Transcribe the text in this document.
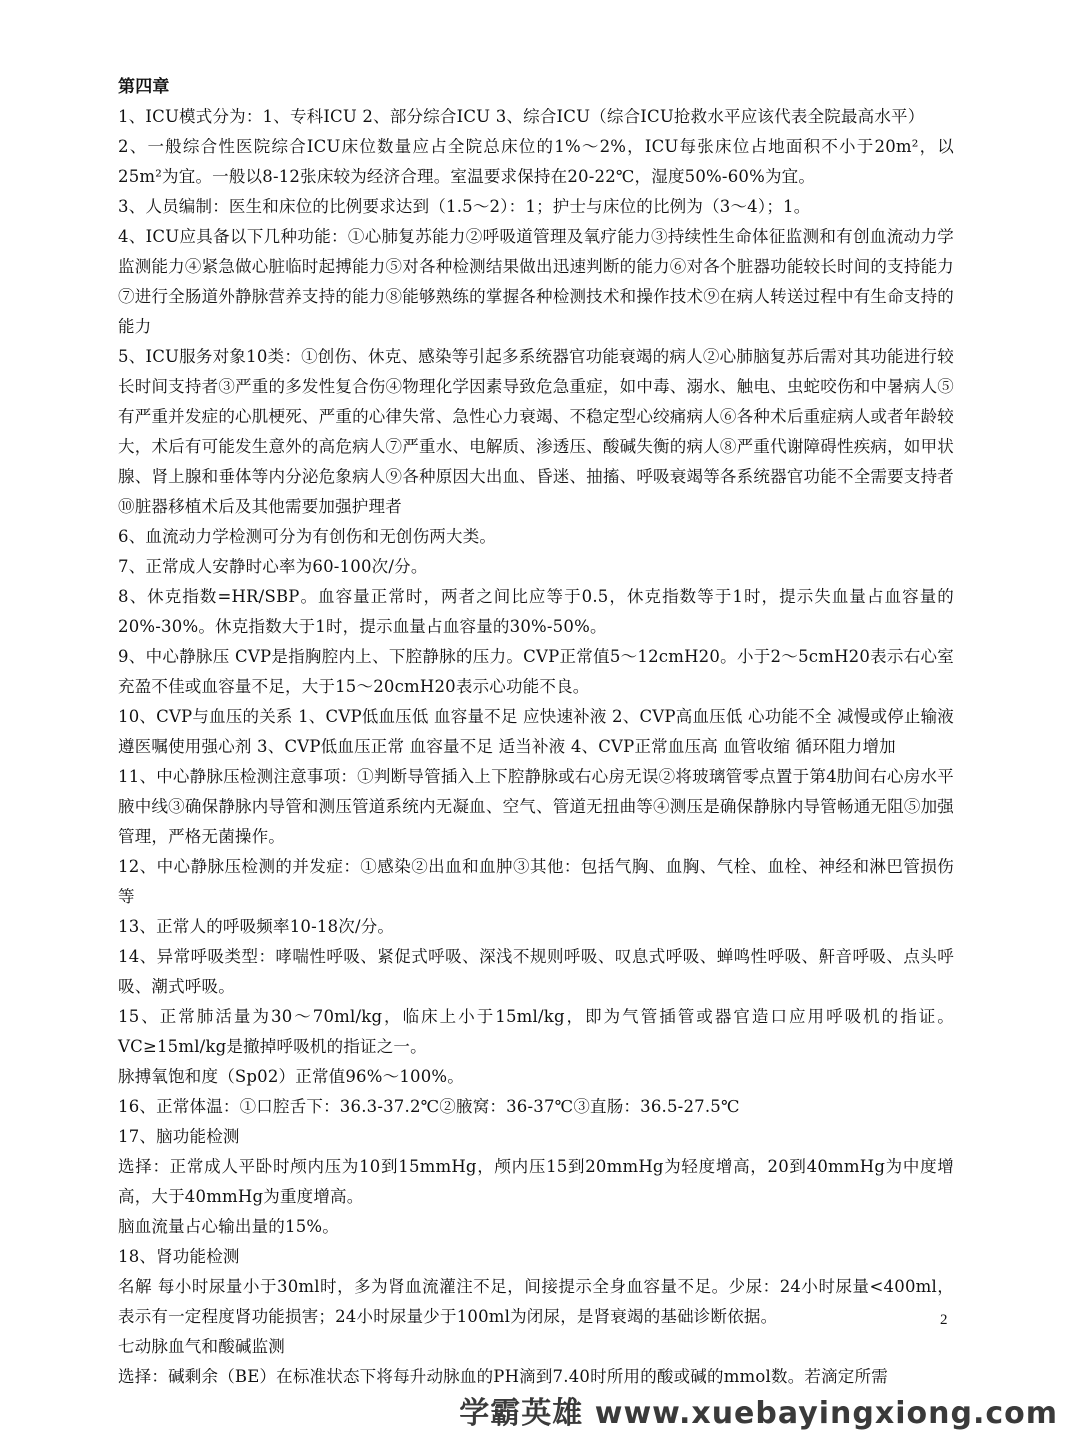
第四章

1、ICU模式分为：1、专科ICU 2、部分综合ICU 3、综合ICU（综合ICU抢救水平应该代表全院最高水平）

2、一般综合性医院综合ICU床位数量应占全院总床位的1%～2%，ICU每张床位占地面积不小于20m²，以25m²为宜。一般以8-12张床较为经济合理。室温要求保持在20-22℃，湿度50%-60%为宜。

3、人员编制：医生和床位的比例要求达到（1.5～2）：1；护士与床位的比例为（3～4）；1。

4、ICU应具备以下几种功能：①心肺复苏能力②呼吸道管理及氧疗能力③持续性生命体征监测和有创血流动力学监测能力④紧急做心脏临时起搏能力⑤对各种检测结果做出迅速判断的能力⑥对各个脏器功能较长时间的支持能力⑦进行全肠道外静脉营养支持的能力⑧能够熟练的掌握各种检测技术和操作技术⑨在病人转送过程中有生命支持的能力

5、ICU服务对象10类：①创伤、休克、感染等引起多系统器官功能衰竭的病人②心肺脑复苏后需对其功能进行较长时间支持者③严重的多发性复合伤④物理化学因素导致危急重症，如中毒、溺水、触电、虫蛇咬伤和中暑病人⑤有严重并发症的心肌梗死、严重的心律失常、急性心力衰竭、不稳定型心绞痛病人⑥各种术后重症病人或者年龄较大，术后有可能发生意外的高危病人⑦严重水、电解质、渗透压、酸碱失衡的病人⑧严重代谢障碍性疾病，如甲状腺、肾上腺和垂体等内分泌危象病人⑨各种原因大出血、昏迷、抽搐、呼吸衰竭等各系统器官功能不全需要支持者⑩脏器移植术后及其他需要加强护理者

6、血流动力学检测可分为有创伤和无创伤两大类。

7、正常成人安静时心率为60-100次/分。

8、休克指数=HR/SBP。血容量正常时，两者之间比应等于0.5，休克指数等于1时，提示失血量占血容量的20%-30%。休克指数大于1时，提示血量占血容量的30%-50%。

9、中心静脉压 CVP是指胸腔内上、下腔静脉的压力。CVP正常值5～12cmH20。小于2～5cmH20表示右心室充盈不佳或血容量不足，大于15～20cmH20表示心功能不良。

10、CVP与血压的关系 1、CVP低血压低 血容量不足 应快速补液 2、CVP高血压低 心功能不全 减慢或停止输液 遵医嘱使用强心剂 3、CVP低血压正常 血容量不足 适当补液 4、CVP正常血压高 血管收缩 循环阻力增加

11、中心静脉压检测注意事项：①判断导管插入上下腔静脉或右心房无误②将玻璃管零点置于第4肋间右心房水平腋中线③确保静脉内导管和测压管道系统内无凝血、空气、管道无扭曲等④测压是确保静脉内导管畅通无阻⑤加强管理，严格无菌操作。

12、中心静脉压检测的并发症：①感染②出血和血肿③其他：包括气胸、血胸、气栓、血栓、神经和淋巴管损伤等

13、正常人的呼吸频率10-18次/分。

14、异常呼吸类型：哮喘性呼吸、紧促式呼吸、深浅不规则呼吸、叹息式呼吸、蝉鸣性呼吸、鼾音呼吸、点头呼吸、潮式呼吸。

15、正常肺活量为30～70ml/kg，临床上小于15ml/kg，即为气管插管或器官造口应用呼吸机的指证。VC≥15ml/kg是撤掉呼吸机的指证之一。

脉搏氧饱和度（Sp02）正常值96%～100%。

16、正常体温：①口腔舌下：36.3-37.2℃②腋窝：36-37℃③直肠：36.5-27.5℃

17、脑功能检测

选择：正常成人平卧时颅内压为10到15mmHg，颅内压15到20mmHg为轻度增高，20到40mmHg为中度增高，大于40mmHg为重度增高。

脑血流量占心输出量的15%。

18、肾功能检测

名解 每小时尿量小于30ml时，多为肾血流灌注不足，间接提示全身血容量不足。少尿：24小时尿量<400ml，表示有一定程度肾功能损害；24小时尿量少于100ml为闭尿，是肾衰竭的基础诊断依据。

七动脉血气和酸碱监测

选择：碱剩余（BE）在标准状态下将每升动脉血的PH滴到7.40时所用的酸或碱的mmol数。若滴定所需

2
学霸英雄 www.xuebayingxiong.com
